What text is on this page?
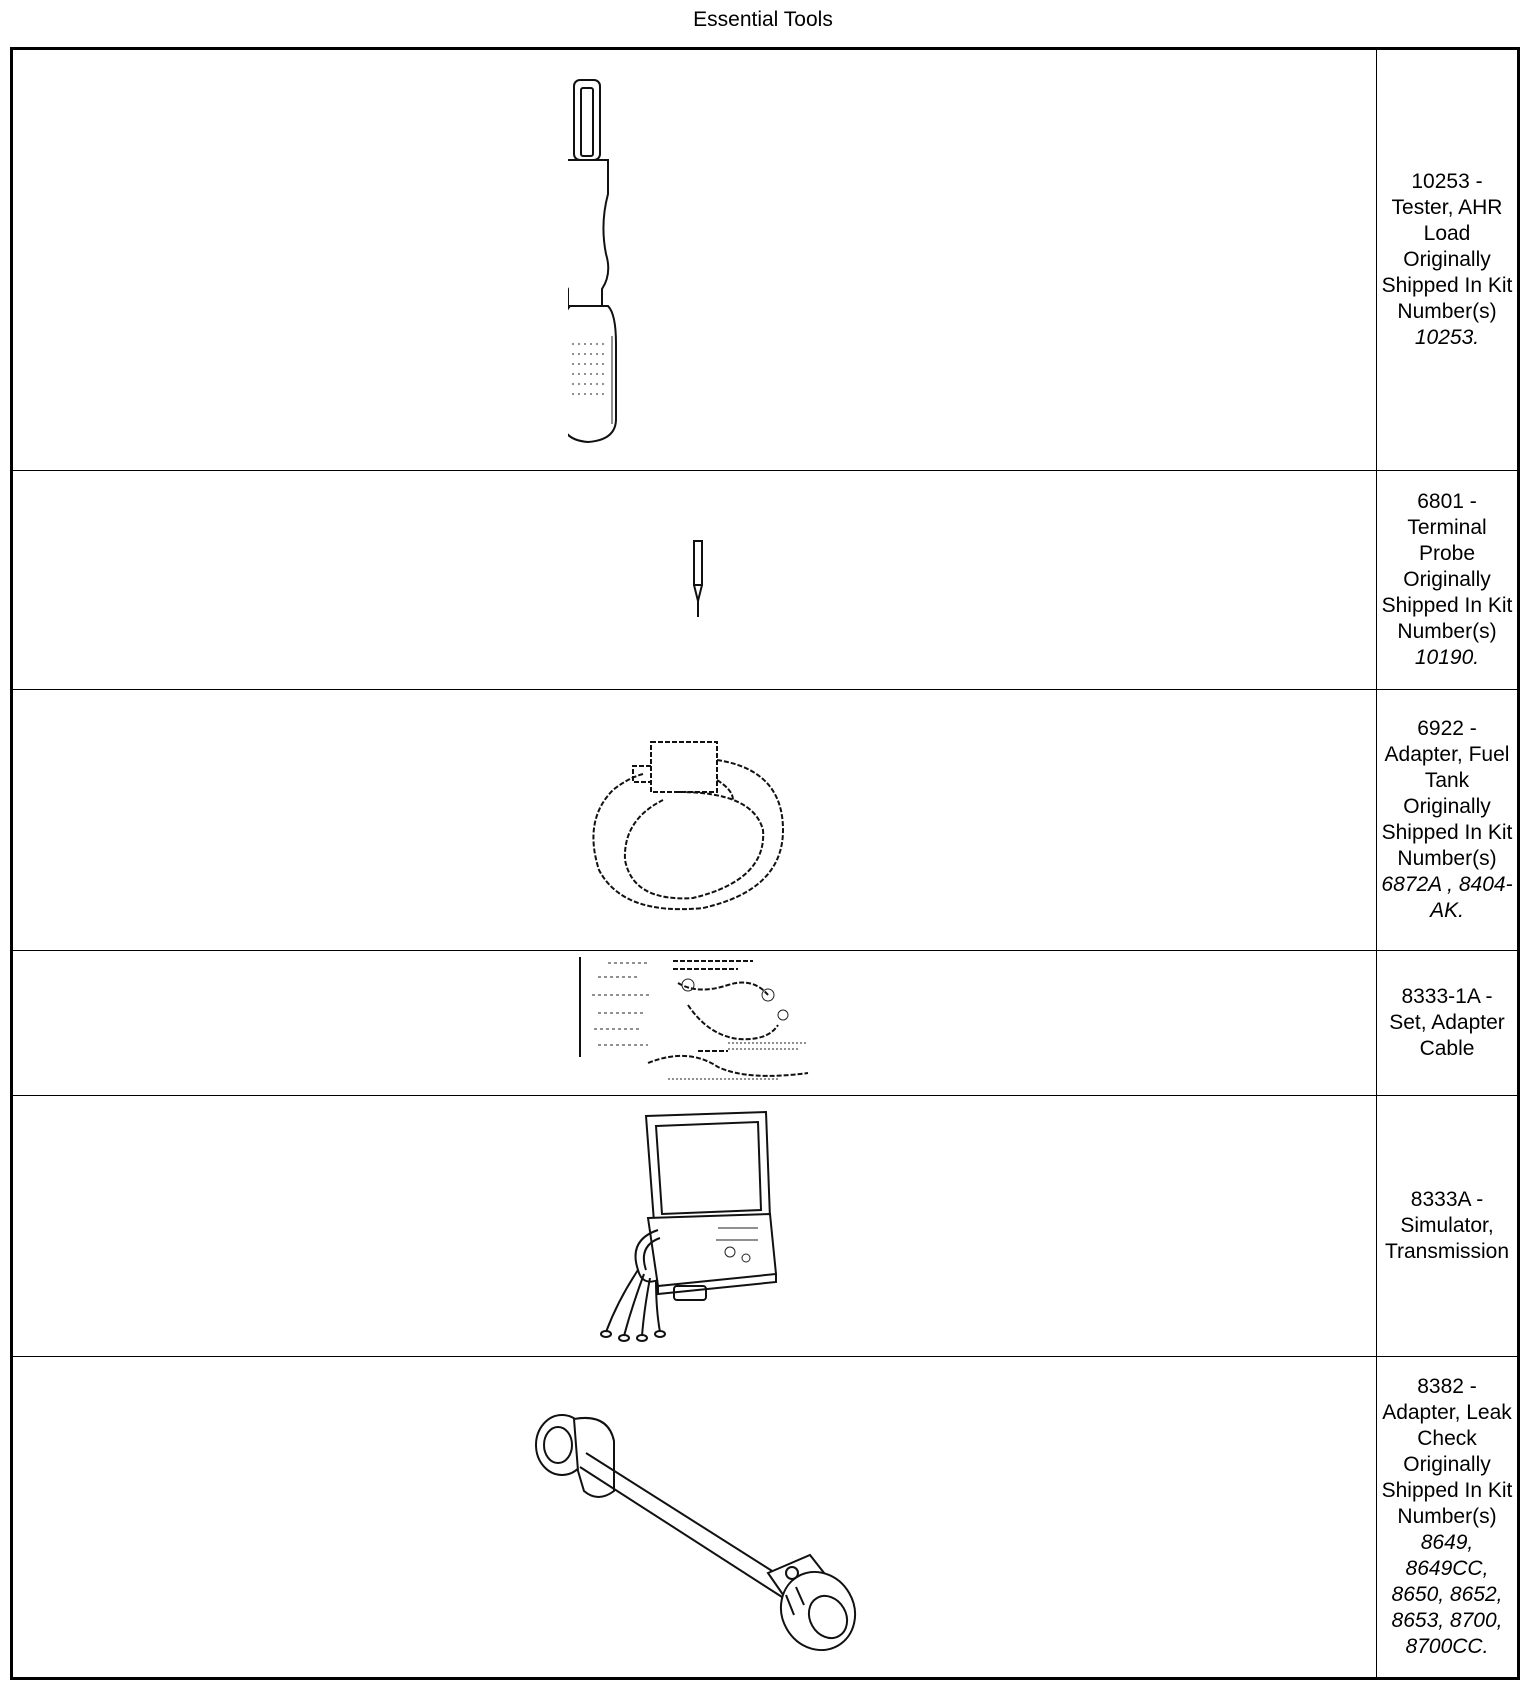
Essential Tools

10253 -
Tester, AHR Load
Originally Shipped In Kit Number(s)
10253.

6801 -
Terminal Probe
Originally Shipped In Kit Number(s)
10190.

6922 -
Adapter, Fuel Tank
Originally Shipped In Kit Number(s)
6872A , 8404-AK.

8333-1A -
Set, Adapter Cable

8333A -
Simulator, Transmission

8382 -
Adapter, Leak Check
Originally Shipped In Kit Number(s)
8649, 8649CC, 8650, 8652, 8653, 8700, 8700CC.
